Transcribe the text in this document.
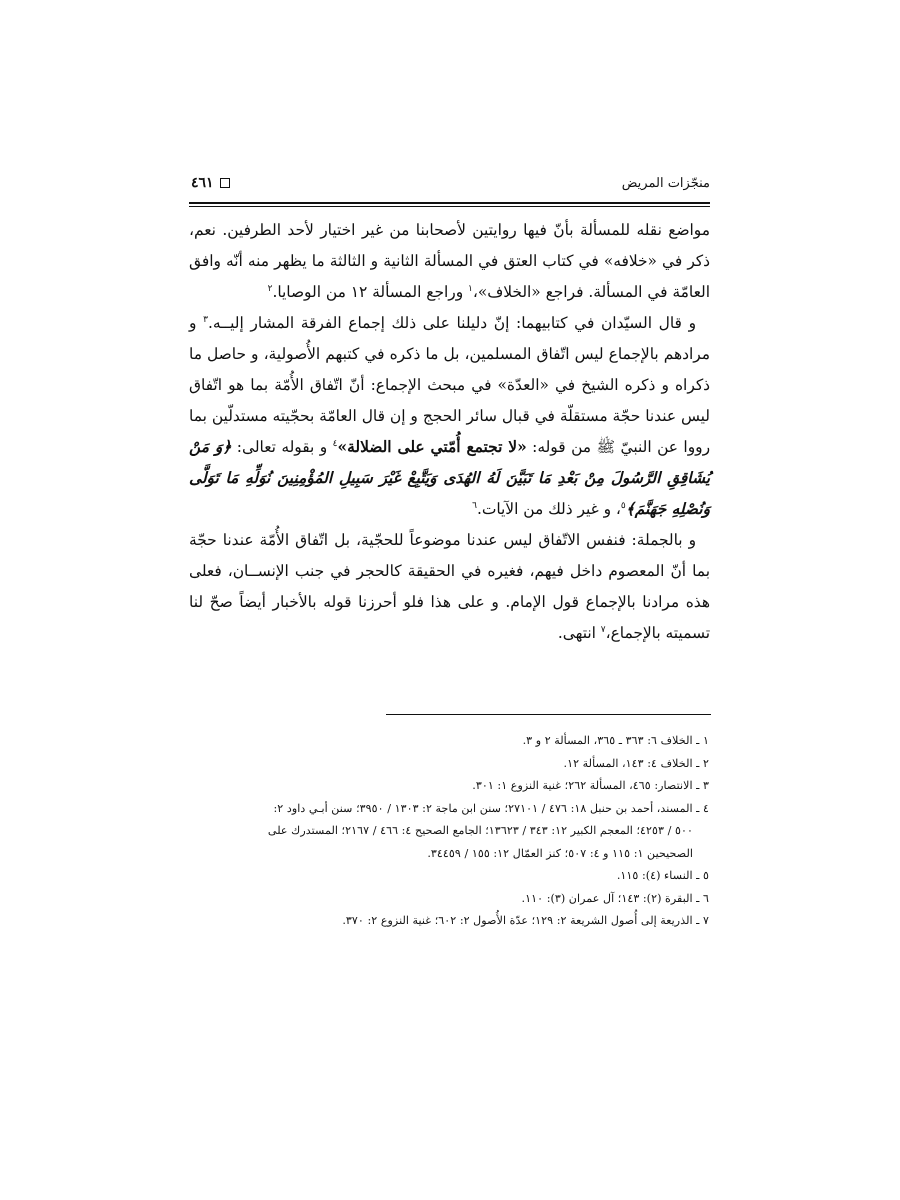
منجّزات المريض
٤٦١

مواضع نقله للمسألة بأنّ فيها روايتين لأصحابنا من غير اختيار لأحد الطرفين. نعم، ذكر في «خلافه» في كتاب العتق في المسألة الثانية و الثالثة ما يظهر منه أنّه وافق العامّة في المسألة. فراجع «الخلاف»،$^١$ وراجع المسألة ١٢ من الوصايا.$^٢$

و قال السيّدان في كتابيهما: إنّ دليلنا على ذلك إجماع الفرقة المشار إليــه.$^٣$ و مرادهم بالإجماع ليس اتّفاق المسلمين، بل ما ذكره في كتبهم الأُصولية، و حاصل ما ذكراه و ذكره الشيخ في «العدّة» في مبحث الإجماع: أنّ اتّفاق الأُمّة بما هو اتّفاق ليس عندنا حجّة مستقلّة في قبال سائر الحجج و إن قال العامّة بحجّيته مستدلّين بما رووا عن النبيّ ﷺ من قوله: «لا تجتمع أُمّتي على الضلالة»$^٤$ و بقوله تعالى: ﴿وَ مَنْ يُشَاقِقِ الرَّسُولَ مِنْ بَعْدِ مَا تَبَيَّنَ لَهُ الهُدَى وَيَتَّبِعْ غَيْرَ سَبِيلِ المُؤْمِنِينَ نُوَلِّهِ مَا تَوَلَّى وَنُصْلِهِ جَهَنَّمَ﴾$^٥$، و غير ذلك من الآيات.$^٦$

و بالجملة: فنفس الاتّفاق ليس عندنا موضوعاً للحجّية، بل اتّفاق الأُمّة عندنا حجّة بما أنّ المعصوم داخل فيهم، فغيره في الحقيقة كالحجر في جنب الإنســان، فعلى هذه مرادنا بالإجماع قول الإمام. و على هذا فلو أحرزنا قوله بالأخبار أيضاً صحّ لنا تسميته بالإجماع،$^٧$ انتهى.

١ ـ الخلاف ٦: ٣٦٣ ـ ٣٦٥، المسألة ٢ و ٣.

٢ ـ الخلاف ٤: ١٤٣، المسألة ١٢.

٣ ـ الانتصار: ٤٦٥، المسألة ٢٦٢؛ غنية النزوع ١: ٣٠١.

٤ ـ المسند، أحمد بن حنبل ١٨: ٤٧٦ / ٢٧١٠١؛ سنن ابن ماجة ٢: ١٣٠٣ / ٣٩٥٠؛ سنن أبـي داود ٢:

٥٠٠ / ٤٢٥٣؛ المعجم الكبير ١٢: ٣٤٣ / ١٣٦٢٣؛ الجامع الصحيح ٤: ٤٦٦ / ٢١٦٧؛ المستدرك على

الصحيحين ١: ١١٥ و ٤: ٥٠٧؛ كنز العمّال ١٢: ١٥٥ / ٣٤٤٥٩.

٥ ـ النساء (٤): ١١٥.

٦ ـ البقرة (٢): ١٤٣؛ آل عمران (٣): ١١٠.

٧ ـ الذريعة إلى أُصول الشريعة ٢: ١٢٩؛ عدّة الأُصول ٢: ٦٠٢؛ غنية النزوع ٢: ٣٧٠.
